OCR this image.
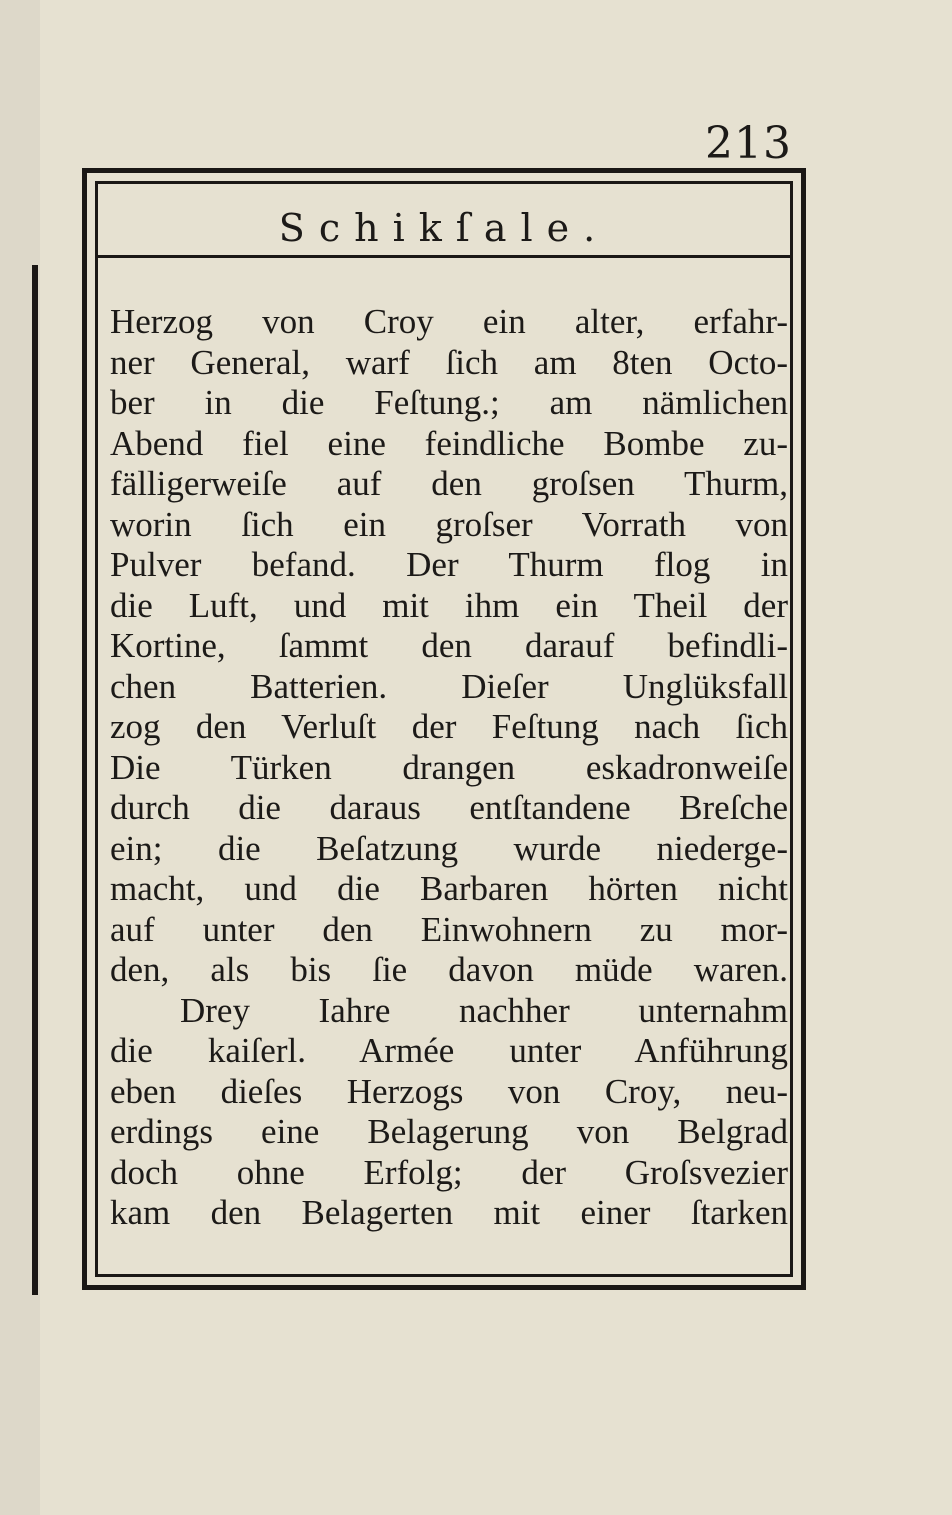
213
Schikſale.
Herzog von Croy ein alter, erfahr-
ner General, warf ſich am 8ten Octo-
ber in die Feſtung.; am nämlichen
Abend fiel eine feindliche Bombe zu-
fälligerweiſe auf den groſsen Thurm,
worin ſich ein groſser Vorrath von
Pulver befand. Der Thurm flog in
die Luft, und mit ihm ein Theil der
Kortine, ſammt den darauf befindli-
chen Batterien. Dieſer Unglüksfall
zog den Verluſt der Feſtung nach ſich
Die Türken drangen eskadronweiſe
durch die daraus entſtandene Breſche
ein; die Beſatzung wurde niederge-
macht, und die Barbaren hörten nicht
auf unter den Einwohnern zu mor-
den, als bis ſie davon müde waren.
Drey Iahre nachher unternahm
die kaiſerl. Armée unter Anführung
eben dieſes Herzogs von Croy, neu-
erdings eine Belagerung von Belgrad
doch ohne Erfolg; der Groſsvezier
kam den Belagerten mit einer ſtarken
